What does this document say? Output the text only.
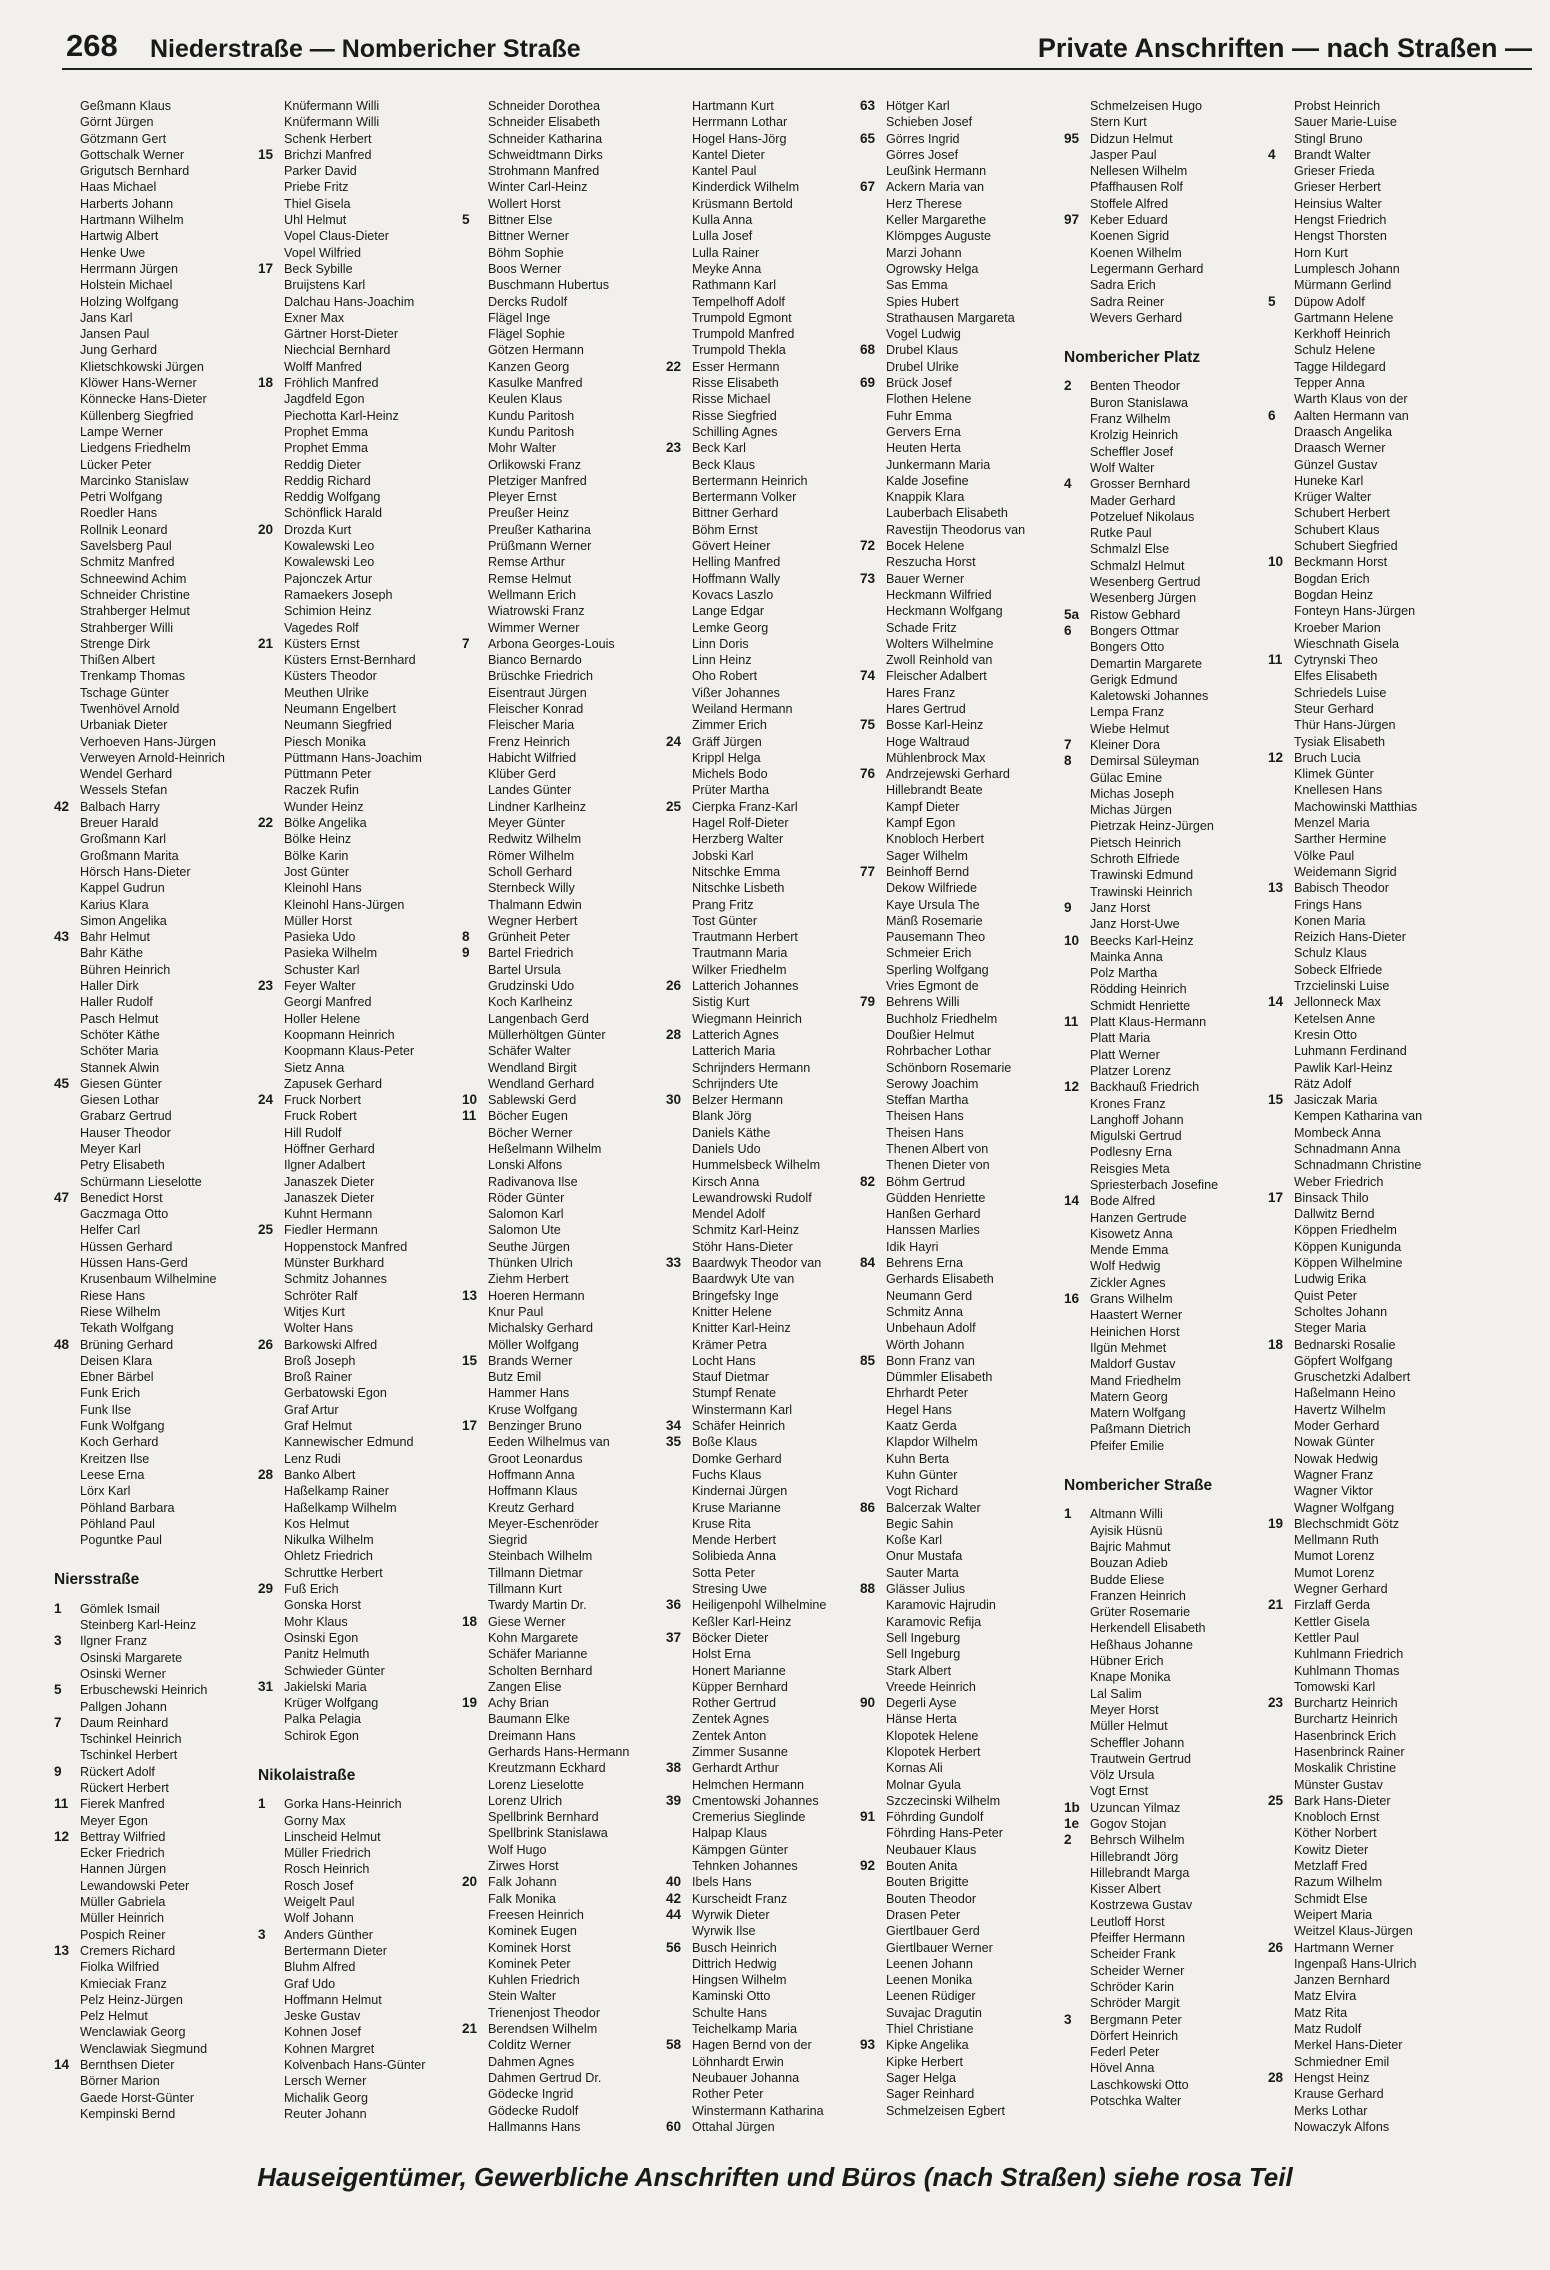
268 Niederstraße — Nombericher Straße	Private Anschriften — nach Straßen —
Geßmann Klaus
Görnt Jürgen
Götzmann Gert
Gottschalk Werner
Grigutsch Bernhard
Haas Michael
Harberts Johann
Hartmann Wilhelm
Hartwig Albert
Henke Uwe
Herrmann Jürgen
Holstein Michael
Holzing Wolfgang
Jans Karl
Jansen Paul
Jung Gerhard
Klietschkowski Jürgen
Klöwer Hans-Werner
Könnecke Hans-Dieter
Küllenberg Siegfried
Lampe Werner
Liedgens Friedhelm
Lücker Peter
Marcinko Stanislaw
Petri Wolfgang
Roedler Hans
Rollnik Leonard
Savelsberg Paul
Schmitz Manfred
Schneewind Achim
Schneider Christine
Strahberger Helmut
Strahberger Willi
Strenge Dirk
Thißen Albert
Trenkamp Thomas
Tschage Günter
Twenhövel Arnold
Urbaniak Dieter
Verhoeven Hans-Jürgen
Verweyen Arnold-Heinrich
Wendel Gerhard
Wessels Stefan
42 Balbach Harry
Breuer Harald
Großmann Karl
Großmann Marita
Hörsch Hans-Dieter
Kappel Gudrun
Karius Klara
Simon Angelika
43 Bahr Helmut
Bahr Käthe
Bühren Heinrich
Haller Dirk
Haller Rudolf
Pasch Helmut
Schöter Käthe
Schöter Maria
Stannek Alwin
45 Giesen Günter
Giesen Lothar
Grabarz Gertrud
Hauser Theodor
Meyer Karl
Petry Elisabeth
Schürmann Lieselotte
47 Benedict Horst
Gaczmaga Otto
Helfer Carl
Hüssen Gerhard
Hüssen Hans-Gerd
Krusenbaum Wilhelmine
Riese Hans
Riese Wilhelm
Tekath Wolfgang
48 Brüning Gerhard
Deisen Klara
Ebner Bärbel
Funk Erich
Funk Ilse
Funk Wolfgang
Koch Gerhard
Kreitzen Ilse
Leese Erna
Lörx Karl
Pöhland Barbara
Pöhland Paul
Poguntke Paul
Niersstraße
1	Gömlek Ismail
Steinberg Karl-Heinz
3	Ilgner Franz
Osinski Margarete
Osinski Werner
5	Erbuschewski Heinrich
Pallgen Johann
7	Daum Reinhard
Tschinkel Heinrich
Tschinkel Herbert
9	Rückert Adolf
Rückert Herbert
11 Fierek Manfred
Meyer Egon
12 Bettray Wilfried
Ecker Friedrich
Hannen Jürgen
Lewandowski Peter
Müller Gabriela
Müller Heinrich
Pospich Reiner
13 Cremers Richard
Fiolka Wilfried
Kmieciak Franz
Pelz Heinz-Jürgen
Pelz Helmut
Wenclawiak Georg
Wenclawiak Siegmund
14 Bernthsen Dieter
Börner Marion
Gaede Horst-Günter
Kempinski Bernd
Knüfermann Willi
Knüfermann Willi
Schenk Herbert
15 Brichzi Manfred
Parker David
Priebe Fritz
Thiel Gisela
Uhl Helmut
Vopel Claus-Dieter
Vopel Wilfried
17 Beck Sybille
Bruijstens Karl
Dalchau Hans-Joachim
Exner Max
Gärtner Horst-Dieter
Niechcial Bernhard
Wolff Manfred
18 Fröhlich Manfred
Jagdfeld Egon
Piechotta Karl-Heinz
Prophet Emma
Prophet Emma
Reddig Dieter
Reddig Richard
Reddig Wolfgang
Schönflick Harald
20 Drozda Kurt
Kowalewski Leo
Kowalewski Leo
Pajonczek Artur
Ramaekers Joseph
Schimion Heinz
Vagedes Rolf
21 Küsters Ernst
Küsters Ernst-Bernhard
Küsters Theodor
Meuthen Ulrike
Neumann Engelbert
Neumann Siegfried
Piesch Monika
Püttmann Hans-Joachim
Püttmann Peter
Raczek Rufin
Wunder Heinz
22 Bölke Angelika
Bölke Heinz
Bölke Karin
Jost Günter
Kleinohl Hans
Kleinohl Hans-Jürgen
Müller Horst
Pasieka Udo
Pasieka Wilhelm
Schuster Karl
23 Feyer Walter
Georgi Manfred
Holler Helene
Koopmann Heinrich
Koopmann Klaus-Peter
Sietz Anna
Zapusek Gerhard
24 Fruck Norbert
Fruck Robert
Hill Rudolf
Höffner Gerhard
Ilgner Adalbert
Janaszek Dieter
Janaszek Dieter
Kuhnt Hermann
25 Fiedler Hermann
Hoppenstock Manfred
Münster Burkhard
Schmitz Johannes
Schröter Ralf
Witjes Kurt
Wolter Hans
26 Barkowski Alfred
Broß Joseph
Broß Rainer
Gerbatowski Egon
Graf Artur
Graf Helmut
Kannewischer Edmund
Lenz Rudi
28 Banko Albert
Haßelkamp Rainer
Haßelkamp Wilhelm
Kos Helmut
Nikulka Wilhelm
Ohletz Friedrich
Schruttke Herbert
29 Fuß Erich
Gonska Horst
Mohr Klaus
Osinski Egon
Panitz Helmuth
Schwieder Günter
31 Jakielski Maria
Krüger Wolfgang
Palka Pelagia
Schirok Egon
Nikolaistraße
1	Gorka Hans-Heinrich
Gorny Max
Linscheid Helmut
Müller Friedrich
Rosch Heinrich
Rosch Josef
Weigelt Paul
Wolf Johann
3	Anders Günther
Bertermann Dieter
Bluhm Alfred
Graf Udo
Hoffmann Helmut
Jeske Gustav
Kohnen Josef
Kohnen Margret
Kolvenbach Hans-Günter
Lersch Werner
Michalik Georg
Reuter Johann
Schneider Dorothea
Schneider Elisabeth
Schneider Katharina
Schweidtmann Dirks
Strohmann Manfred
Winter Carl-Heinz
Wollert Horst
5	Bittner Else
Bittner Werner
Böhm Sophie
Boos Werner
Buschmann Hubertus
Dercks Rudolf
Flägel Inge
Flägel Sophie
Götzen Hermann
Kanzen Georg
Kasulke Manfred
Keulen Klaus
Kundu Paritosh
Kundu Paritosh
Mohr Walter
Orlikowski Franz
Pletziger Manfred
Pleyer Ernst
Preußer Heinz
Preußer Katharina
Prüßmann Werner
Remse Arthur
Remse Helmut
Wellmann Erich
Wiatrowski Franz
Wimmer Werner
7	Arbona Georges-Louis
Bianco Bernardo
Brüschke Friedrich
Eisentraut Jürgen
Fleischer Konrad
Fleischer Maria
Frenz Heinrich
Habicht Wilfried
Klüber Gerd
Landes Günter
Lindner Karlheinz
Meyer Günter
Redwitz Wilhelm
Römer Wilhelm
Scholl Gerhard
Sternbeck Willy
Thalmann Edwin
Wegner Herbert
8	Grünheit Peter
9	Bartel Friedrich
Bartel Ursula
Grudzinski Udo
Koch Karlheinz
Langenbach Gerd
Müllerhöltgen Günter
Schäfer Walter
Wendland Birgit
Wendland Gerhard
10 Sablewski Gerd
11 Böcher Eugen
Böcher Werner
Heßelmann Wilhelm
Lonski Alfons
Radivanova Ilse
Röder Günter
Salomon Karl
Salomon Ute
Seuthe Jürgen
Thünken Ulrich
Ziehm Herbert
13 Hoeren Hermann
Knur Paul
Michalsky Gerhard
Möller Wolfgang
15 Brands Werner
Butz Emil
Hammer Hans
Kruse Wolfgang
17 Benzinger Bruno
Eeden Wilhelmus van
Groot Leonardus
Hoffmann Anna
Hoffmann Klaus
Kreutz Gerhard
Meyer-Eschenröder
Siegrid
Steinbach Wilhelm
Tillmann Dietmar
Tillmann Kurt
Twardy Martin Dr.
18 Giese Werner
Kohn Margarete
Schäfer Marianne
Scholten Bernhard
Zangen Elise
19 Achy Brian
Baumann Elke
Dreimann Hans
Gerhards Hans-Hermann
Kreutzmann Eckhard
Lorenz Lieselotte
Lorenz Ulrich
Spellbrink Bernhard
Spellbrink Stanislawa
Wolf Hugo
Zirwes Horst
20 Falk Johann
Falk Monika
Freesen Heinrich
Kominek Eugen
Kominek Horst
Kominek Peter
Kuhlen Friedrich
Stein Walter
Trienenjost Theodor
21 Berendsen Wilhelm
Colditz Werner
Dahmen Agnes
Dahmen Gertrud Dr.
Gödecke Ingrid
Gödecke Rudolf
Hallmanns Hans
Hartmann Kurt
Herrmann Lothar
Hogel Hans-Jörg
Kantel Dieter
Kantel Paul
Kinderdick Wilhelm
Krüsmann Bertold
Kulla Anna
Lulla Josef
Lulla Rainer
Meyke Anna
Rathmann Karl
Tempelhoff Adolf
Trumpold Egmont
Trumpold Manfred
Trumpold Thekla
22 Esser Hermann
Risse Elisabeth
Risse Michael
Risse Siegfried
Schilling Agnes
23 Beck Karl
Beck Klaus
Bertermann Heinrich
Bertermann Volker
Bittner Gerhard
Böhm Ernst
Gövert Heiner
Helling Manfred
Hoffmann Wally
Kovacs Laszlo
Lange Edgar
Lemke Georg
Linn Doris
Linn Heinz
Oho Robert
Vißer Johannes
Weiland Hermann
Zimmer Erich
24 Gräff Jürgen
Krippl Helga
Michels Bodo
Prüter Martha
25 Cierpka Franz-Karl
Hagel Rolf-Dieter
Herzberg Walter
Jobski Karl
Nitschke Emma
Nitschke Lisbeth
Prang Fritz
Tost Günter
Trautmann Herbert
Trautmann Maria
Wilker Friedhelm
26 Latterich Johannes
Sistig Kurt
Wiegmann Heinrich
28 Latterich Agnes
Latterich Maria
Schrijnders Hermann
Schrijnders Ute
30 Belzer Hermann
Blank Jörg
Daniels Käthe
Daniels Udo
Hummelsbeck Wilhelm
Kirsch Anna
Lewandrowski Rudolf
Mendel Adolf
Schmitz Karl-Heinz
Stöhr Hans-Dieter
33 Baardwyk Theodor van
Baardwyk Ute van
Bringefsky Inge
Knitter Helene
Knitter Karl-Heinz
Krämer Petra
Locht Hans
Stauf Dietmar
Stumpf Renate
Winstermann Karl
34 Schäfer Heinrich
35 Boße Klaus
Domke Gerhard
Fuchs Klaus
Kindernai Jürgen
Kruse Marianne
Kruse Rita
Mende Herbert
Solibieda Anna
Sotta Peter
Stresing Uwe
36 Heiligenpohl Wilhelmine
Keßler Karl-Heinz
37 Böcker Dieter
Holst Erna
Honert Marianne
Küpper Bernhard
Rother Gertrud
Zentek Agnes
Zentek Anton
Zimmer Susanne
38 Gerhardt Arthur
Helmchen Hermann
39 Cmentowski Johannes
Cremerius Sieglinde
Halpap Klaus
Kämpgen Günter
Tehnken Johannes
40 Ibels Hans
42 Kurscheidt Franz
44 Wyrwik Dieter
Wyrwik Ilse
56 Busch Heinrich
Dittrich Hedwig
Hingsen Wilhelm
Kaminski Otto
Schulte Hans
Teichelkamp Maria
58 Hagen Bernd von der
Löhnhardt Erwin
Neubauer Johanna
Rother Peter
Winstermann Katharina
60 Ottahal Jürgen
63 Hötger Karl
Schieben Josef
65 Görres Ingrid
Görres Josef
Leußink Hermann
67 Ackern Maria van
Herz Therese
Keller Margarethe
Klömpges Auguste
Marzi Johann
Ogrowsky Helga
Sas Emma
Spies Hubert
Strathausen Margareta
Vogel Ludwig
68 Drubel Klaus
Drubel Ulrike
69 Brück Josef
Flothen Helene
Fuhr Emma
Gervers Erna
Heuten Herta
Junkermann Maria
Kalde Josefine
Knappik Klara
Lauberbach Elisabeth
Ravestijn Theodorus van
72 Bocek Helene
Reszucha Horst
73 Bauer Werner
Heckmann Wilfried
Heckmann Wolfgang
Schade Fritz
Wolters Wilhelmine
Zwoll Reinhold van
74 Fleischer Adalbert
Hares Franz
Hares Gertrud
75 Bosse Karl-Heinz
Hoge Waltraud
Mühlenbrock Max
76 Andrzejewski Gerhard
Hillebrandt Beate
Kampf Dieter
Kampf Egon
Knobloch Herbert
Sager Wilhelm
77 Beinhoff Bernd
Dekow Wilfriede
Kaye Ursula The
Mänß Rosemarie
Pausemann Theo
Schmeier Erich
Sperling Wolfgang
Vries Egmont de
79 Behrens Willi
Buchholz Friedhelm
Doußier Helmut
Rohrbacher Lothar
Schönborn Rosemarie
Serowy Joachim
Steffan Martha
Theisen Hans
Theisen Hans
Thenen Albert von
Thenen Dieter von
82 Böhm Gertrud
Güdden Henriette
Hanßen Gerhard
Hanssen Marlies
Idik Hayri
84 Behrens Erna
Gerhards Elisabeth
Neumann Gerd
Schmitz Anna
Unbehaun Adolf
Wörth Johann
85 Bonn Franz van
Dümmler Elisabeth
Ehrhardt Peter
Hegel Hans
Kaatz Gerda
Klapdor Wilhelm
Kuhn Berta
Kuhn Günter
Vogt Richard
86 Balcerzak Walter
Begic Sahin
Koße Karl
Onur Mustafa
Sauter Marta
88 Glässer Julius
Karamovic Hajrudin
Karamovic Refija
Sell Ingeburg
Sell Ingeburg
Stark Albert
Vreede Heinrich
90 Degerli Ayse
Hänse Herta
Klopotek Helene
Klopotek Herbert
Kornas Ali
Molnar Gyula
Szczecinski Wilhelm
91 Föhrding Gundolf
Föhrding Hans-Peter
Neubauer Klaus
92 Bouten Anita
Bouten Brigitte
Bouten Theodor
Drasen Peter
Giertlbauer Gerd
Giertlbauer Werner
Leenen Johann
Leenen Monika
Leenen Rüdiger
Suvajac Dragutin
Thiel Christiane
93 Kipke Angelika
Kipke Herbert
Sager Helga
Sager Reinhard
Schmelzeisen Egbert
Schmelzeisen Hugo
Stern Kurt
95 Didzun Helmut
Jasper Paul
Nellesen Wilhelm
Pfaffhausen Rolf
Stoffele Alfred
97 Keber Eduard
Koenen Sigrid
Koenen Wilhelm
Legermann Gerhard
Sadra Erich
Sadra Reiner
Wevers Gerhard
Nombericher Platz
2	Benten Theodor
Buron Stanislawa
Franz Wilhelm
Krolzig Heinrich
Scheffler Josef
Wolf Walter
4	Grosser Bernhard
Mader Gerhard
Potzeluef Nikolaus
Rutke Paul
Schmalzl Else
Schmalzl Helmut
Wesenberg Gertrud
Wesenberg Jürgen
5a Ristow Gebhard
6	Bongers Ottmar
Bongers Otto
Demartin Margarete
Gerigk Edmund
Kaletowski Johannes
Lempa Franz
Wiebe Helmut
7	Kleiner Dora
8	Demirsal Süleyman
Gülac Emine
Michas Joseph
Michas Jürgen
Pietrzak Heinz-Jürgen
Pietsch Heinrich
Schroth Elfriede
Trawinski Edmund
Trawinski Heinrich
9	Janz Horst
Janz Horst-Uwe
10 Beecks Karl-Heinz
Mainka Anna
Polz Martha
Rödding Heinrich
Schmidt Henriette
11 Platt Klaus-Hermann
Platt Maria
Platt Werner
Platzer Lorenz
12 Backhauß Friedrich
Krones Franz
Langhoff Johann
Migulski Gertrud
Podlesny Erna
Reisgies Meta
Spriesterbach Josefine
14 Bode Alfred
Hanzen Gertrude
Kisowetz Anna
Mende Emma
Wolf Hedwig
Zickler Agnes
16 Grans Wilhelm
Haastert Werner
Heinichen Horst
Ilgün Mehmet
Maldorf Gustav
Mand Friedhelm
Matern Georg
Matern Wolfgang
Paßmann Dietrich
Pfeifer Emilie
Nombericher Straße
1	Altmann Willi
Ayisik Hüsnü
Bajric Mahmut
Bouzan Adieb
Budde Eliese
Franzen Heinrich
Grüter Rosemarie
Herkendell Elisabeth
Heßhaus Johanne
Hübner Erich
Knape Monika
Lal Salim
Meyer Horst
Müller Helmut
Scheffler Johann
Trautwein Gertrud
Völz Ursula
Vogt Ernst
1b Uzuncan Yilmaz
1e Gogov Stojan
2	Behrsch Wilhelm
Hillebrandt Jörg
Hillebrandt Marga
Kisser Albert
Kostrzewa Gustav
Leutloff Horst
Pfeiffer Hermann
Scheider Frank
Scheider Werner
Schröder Karin
Schröder Margit
3	Bergmann Peter
Dörfert Heinrich
Federl Peter
Hövel Anna
Laschkowski Otto
Potschka Walter
Probst Heinrich
Sauer Marie-Luise
Stingl Bruno
4	Brandt Walter
Grieser Frieda
Grieser Herbert
Heinsius Walter
Hengst Friedrich
Hengst Thorsten
Horn Kurt
Lumplesch Johann
Mürmann Gerlind
5	Düpow Adolf
Gartmann Helene
Kerkhoff Heinrich
Schulz Helene
Tagge Hildegard
Tepper Anna
Warth Klaus von der
6	Aalten Hermann van
Draasch Angelika
Draasch Werner
Günzel Gustav
Huneke Karl
Krüger Walter
Schubert Herbert
Schubert Klaus
Schubert Siegfried
10 Beckmann Horst
Bogdan Erich
Bogdan Heinz
Fonteyn Hans-Jürgen
Kroeber Marion
Wieschnath Gisela
11 Cytrynski Theo
Elfes Elisabeth
Schriedels Luise
Steur Gerhard
Thür Hans-Jürgen
Tysiak Elisabeth
12 Bruch Lucia
Klimek Günter
Knellesen Hans
Machowinski Matthias
Menzel Maria
Sarther Hermine
Völke Paul
Weidemann Sigrid
13 Babisch Theodor
Frings Hans
Konen Maria
Reizich Hans-Dieter
Schulz Klaus
Sobeck Elfriede
Trzcielinski Luise
14 Jellonneck Max
Ketelsen Anne
Kresin Otto
Luhmann Ferdinand
Pawlik Karl-Heinz
Rätz Adolf
15 Jasiczak Maria
Kempen Katharina van
Mombeck Anna
Schnadmann Anna
Schnadmann Christine
Weber Friedrich
17 Binsack Thilo
Dallwitz Bernd
Köppen Friedhelm
Köppen Kunigunda
Köppen Wilhelmine
Ludwig Erika
Quist Peter
Scholtes Johann
Steger Maria
18 Bednarski Rosalie
Göpfert Wolfgang
Gruschetzki Adalbert
Haßelmann Heino
Havertz Wilhelm
Moder Gerhard
Nowak Günter
Nowak Hedwig
Wagner Franz
Wagner Viktor
Wagner Wolfgang
19 Blechschmidt Götz
Mellmann Ruth
Mumot Lorenz
Mumot Lorenz
Wegner Gerhard
21 Firzlaff Gerda
Kettler Gisela
Kettler Paul
Kuhlmann Friedrich
Kuhlmann Thomas
Tomowski Karl
23 Burchartz Heinrich
Burchartz Heinrich
Hasenbrinck Erich
Hasenbrinck Rainer
Moskalik Christine
Münster Gustav
25 Bark Hans-Dieter
Knobloch Ernst
Köther Norbert
Kowitz Dieter
Metzlaff Fred
Razum Wilhelm
Schmidt Else
Weipert Maria
Weitzel Klaus-Jürgen
26 Hartmann Werner
Ingenpaß Hans-Ulrich
Janzen Bernhard
Matz Elvira
Matz Rita
Matz Rudolf
Merkel Hans-Dieter
Schmiedner Emil
28 Hengst Heinz
Krause Gerhard
Merks Lothar
Nowaczyk Alfons
Hauseigentümer, Gewerbliche Anschriften und Büros (nach Straßen) siehe rosa Teil
